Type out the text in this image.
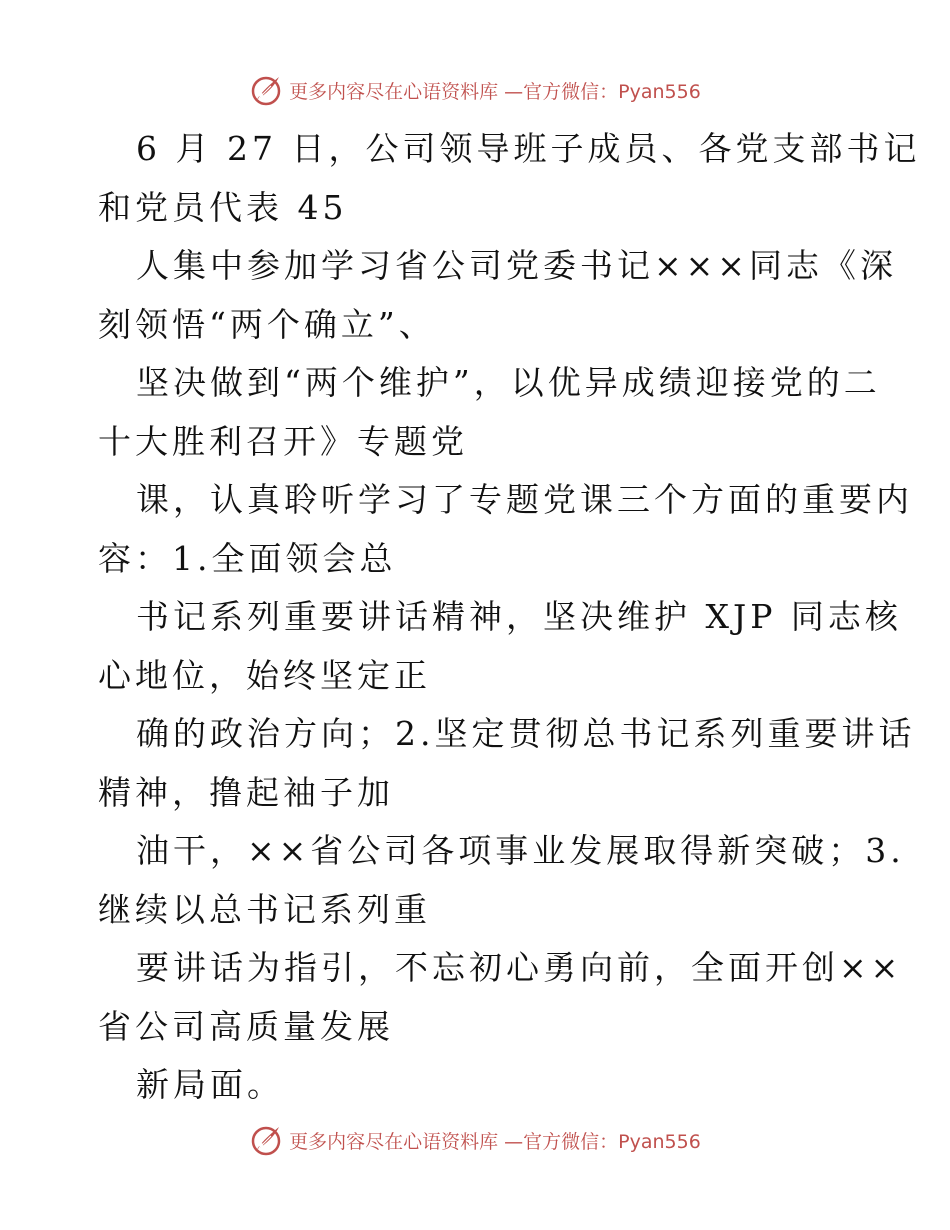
更多内容尽在心语资料库 —官方微信：Pyan556

6 月 27 日，公司领导班子成员、各党支部书记
和党员代表 45

人集中参加学习省公司党委书记×××同志《深
刻领悟“两个确立”、

坚决做到“两个维护”，以优异成绩迎接党的二
十大胜利召开》专题党

课，认真聆听学习了专题党课三个方面的重要内
容：1.全面领会总

书记系列重要讲话精神，坚决维护 XJP 同志核
心地位，始终坚定正

确的政治方向；2.坚定贯彻总书记系列重要讲话
精神，撸起袖子加

油干，××省公司各项事业发展取得新突破；3.
继续以总书记系列重

要讲话为指引，不忘初心勇向前，全面开创××
省公司高质量发展

新局面。

更多内容尽在心语资料库 —官方微信：Pyan556
